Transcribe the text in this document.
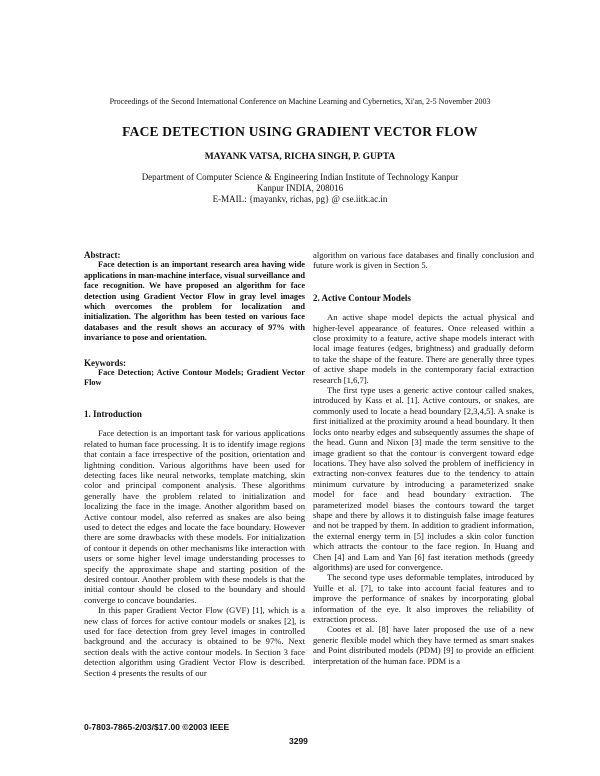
Proceedings of the Second International Conference on Machine Learning and Cybernetics, Xi'an, 2-5 November 2003
FACE DETECTION USING GRADIENT VECTOR FLOW
MAYANK VATSA, RICHA SINGH, P. GUPTA
Department of Computer Science & Engineering Indian Institute of Technology Kanpur
Kanpur INDIA, 208016
E-MAIL: {mayankv, richas, pg} @ cse.iitk.ac.in
Abstract:

Face detection is an important research area having wide applications in man-machine interface, visual surveillance and face recognition. We have proposed an algorithm for face detection using Gradient Vector Flow in gray level images which overcomes the problem for localization and initialization. The algorithm has been tested on various face databases and the result shows an accuracy of 97% with invariance to pose and orientation.

Keywords:

Face Detection; Active Contour Models; Gradient Vector Flow

1. Introduction

Face detection is an important task for various applications related to human face processing. It is to identify image regions that contain a face irrespective of the position, orientation and lightning condition. Various algorithms have been used for detecting faces like neural networks, template matching, skin color and principal component analysis. These algorithms generally have the problem related to initialization and localizing the face in the image. Another algorithm based on Active contour model, also referred as snakes are also being used to detect the edges and locate the face boundary. However there are some drawbacks with these models. For initialization of contour it depends on other mechanisms like interaction with users or some higher level image understanding processes to specify the approximate shape and starting position of the desired contour. Another problem with these models is that the initial contour should be closed to the boundary and should converge to concave boundaries.

In this paper Gradient Vector Flow (GVF) [1], which is a new class of forces for active contour models or snakes [2], is used for face detection from grey level images in controlled background and the accuracy is obtained to be 97%. Next section deals with the active contour models. In Section 3 face detection algorithm using Gradient Vector Flow is described. Section 4 presents the results of our

algorithm on various face databases and finally conclusion and future work is given in Section 5.

2. Active Contour Models

An active shape model depicts the actual physical and higher-level appearance of features. Once released within a close proximity to a feature, active shape models interact with local image features (edges, brightness) and gradually deform to take the shape of the feature. There are generally three types of active shape models in the contemporary facial extraction research [1,6,7].

The first type uses a generic active contour called snakes, introduced by Kass et al. [1]. Active contours, or snakes, are commonly used to locate a head boundary [2,3,4,5]. A snake is first initialized at the proximity around a head boundary. It then locks onto nearby edges and subsequently assumes the shape of the head. Gunn and Nixon [3] made the term sensitive to the image gradient so that the contour is convergent toward edge locations. They have also solved the problem of inefficiency in extracting non-convex features due to the tendency to attain minimum curvature by introducing a parameterized snake model for face and head boundary extraction. The parameterized model biases the contours toward the target shape and there by allows it to distinguish false image features and not be trapped by them. In addition to gradient information, the external energy term in [5] includes a skin color function which attracts the contour to the face region. In Huang and Chen [4] and Lam and Yan [6] fast iteration methods (greedy algorithms) are used for convergence.

The second type uses deformable templates, introduced by Yuille et al. [7], to take into account facial features and to improve the performance of snakes by incorporating global information of the eye. It also improves the reliability of extraction process.

Cootes et al. [8] have later proposed the use of a new generic flexible model which they have termed as smart snakes and Point distributed models (PDM) [9] to provide an efficient interpretation of the human face. PDM is a

0-7803-7865-2/03/$17.00 ©2003 IEEE
3299
